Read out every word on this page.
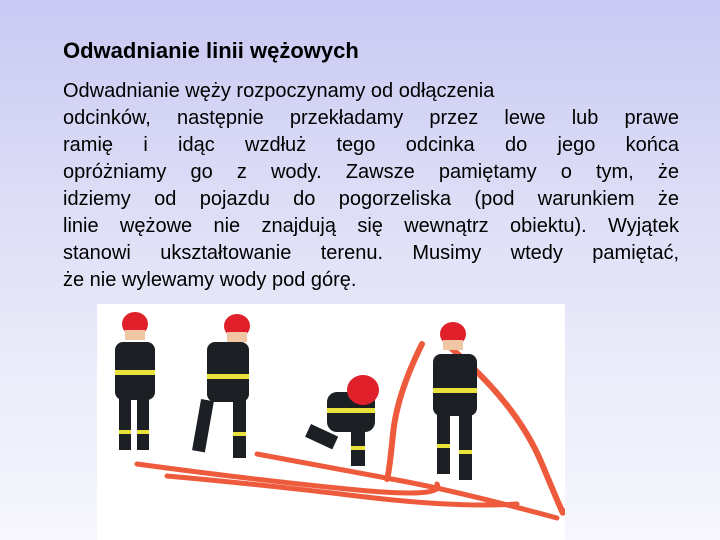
Odwadnianie linii wężowych
Odwadnianie węży rozpoczynamy od odłączenia
odcinków, następnie przekładamy przez lewe lub prawe
ramię i idąc wzdłuż tego odcinka do jego końca
opróżniamy go z wody. Zawsze pamiętamy o tym, że
idziemy od pojazdu do pogorzeliska (pod warunkiem że
linie wężowe nie znajdują się wewnątrz obiektu). Wyjątek
stanowi ukształtowanie terenu. Musimy wtedy pamiętać,
że nie wylewamy wody pod górę.
